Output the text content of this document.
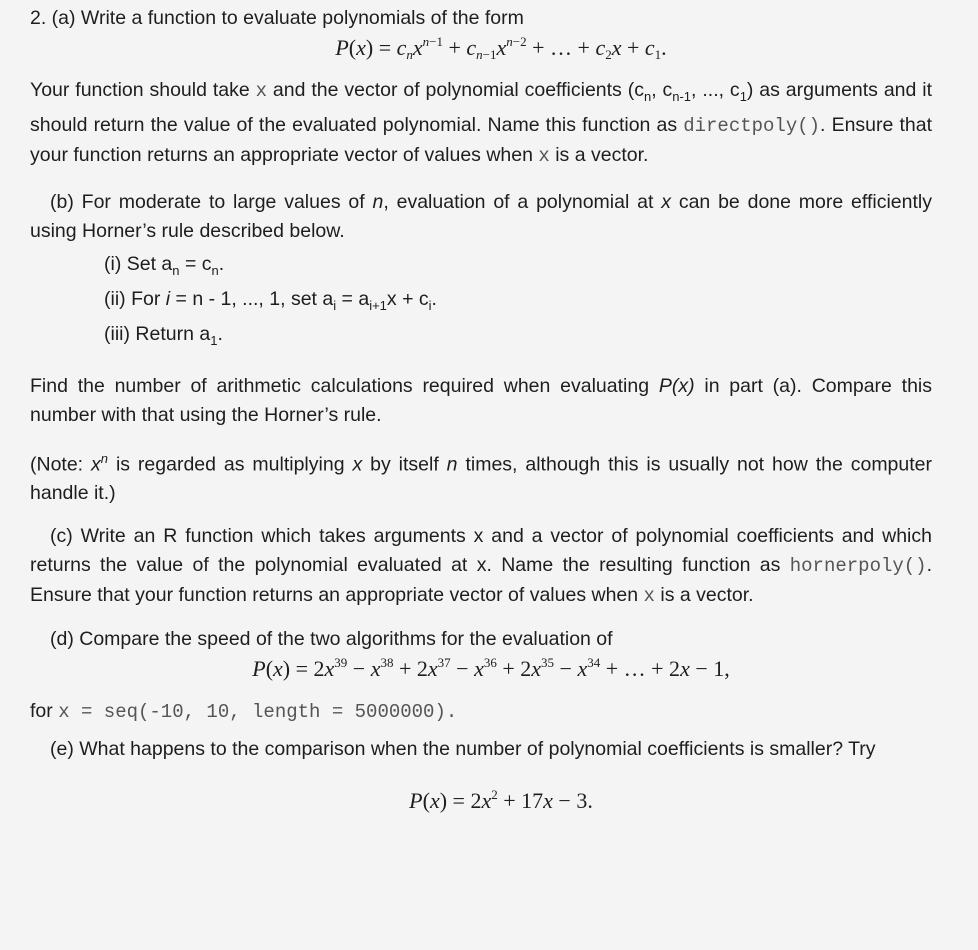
2. (a) Write a function to evaluate polynomials of the form

$P(x) = c_nx^{n-1} + c_{n-1}x^{n-2}$ + … + $c_2x + c_1$.

Your function should take x and the vector of polynomial coefficients ($c_n$, $c_{n-1}$, ..., $c_1$) as arguments and it should return the value of the evaluated polynomial. Name this function as directpoly(). Ensure that your function returns an appropriate vector of values when x is a vector.

(b) For moderate to large values of n, evaluation of a polynomial at x can be done more efficiently using Horner’s rule described below.

(i) Set $a_n = c_n$.

(ii) For i = n - 1, ..., 1, set $a_i = a_{i+1}x + c_i$.

(iii) Return $a_1$.

Find the number of arithmetic calculations required when evaluating P(x) in part (a). Compare this number with that using the Horner’s rule.

(Note: $x^n$ is regarded as multiplying x by itself n times, although this is usually not how the computer handle it.)

(c) Write an R function which takes arguments x and a vector of polynomial coefficients and which returns the value of the polynomial evaluated at x. Name the resulting function as hornerpoly(). Ensure that your function returns an appropriate vector of values when x is a vector.

(d) Compare the speed of the two algorithms for the evaluation of

$P(x) = 2x^{39} - x^{38} + 2x^{37} - x^{36} + 2x^{35} - x^{34}$ + … + 2x − 1,

for x = seq(-10, 10, length = 5000000).

(e) What happens to the comparison when the number of polynomial coefficients is smaller? Try

$P(x) = 2x^2 + 17x - 3$.
